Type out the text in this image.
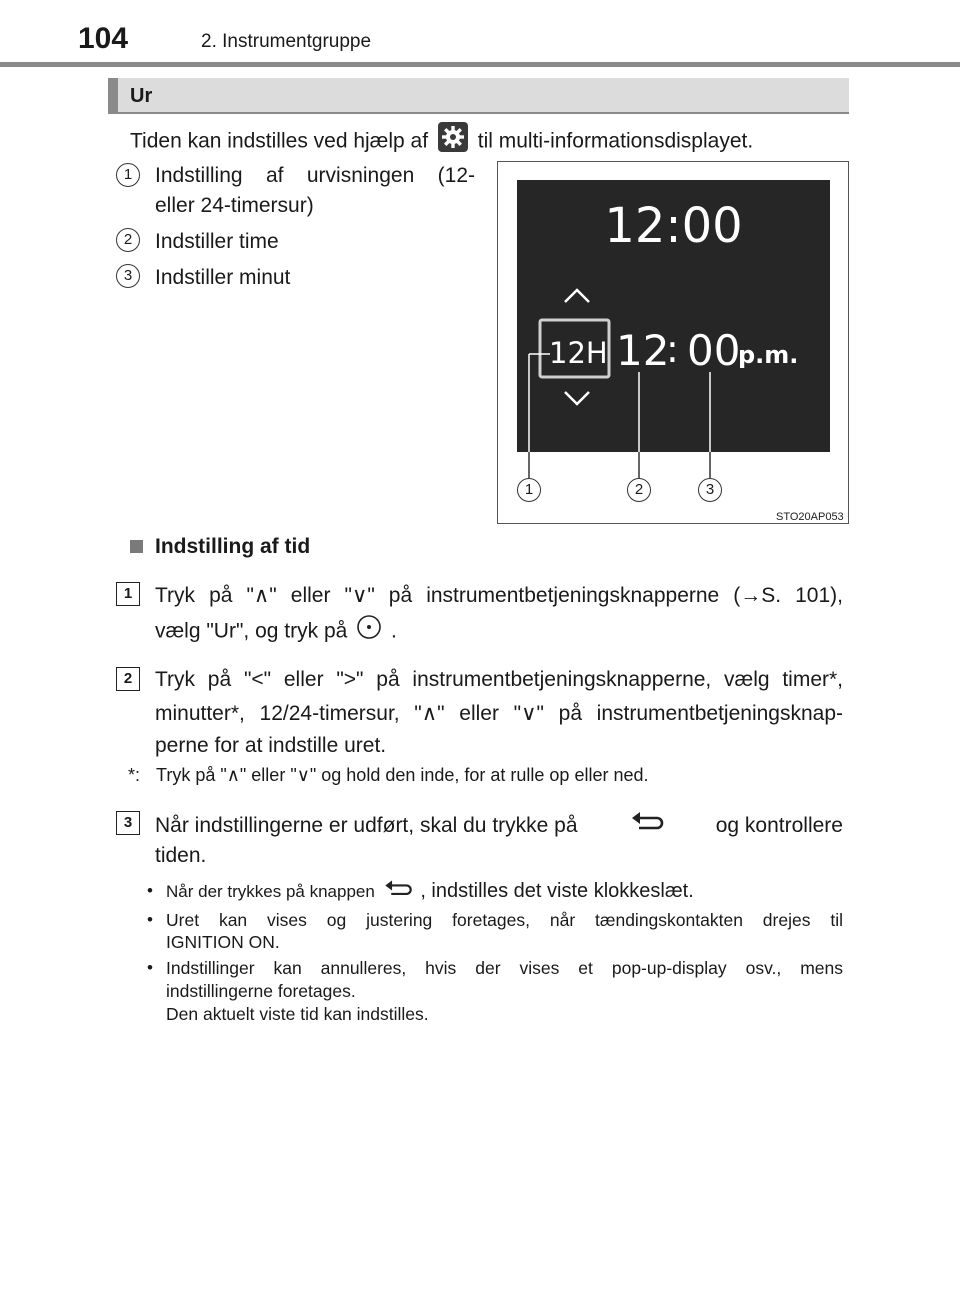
104	2. Instrumentgruppe
Ur
Tiden kan indstilles ved hjælp af til multi-informationsdisplayet.
1	Indstilling af urvisningen (12-
eller 24-timersur)
2	Indstiller time
3	Indstiller minut
12:00
12H 12
: 00
p.m.
1	2	3
STO20AP053
Indstilling af tid
1	Tryk på "∧" eller "∨" på instrumentbetjeningsknapperne (→S. 101),
vælg "Ur", og tryk på .
2	Tryk på "<" eller ">" på instrumentbetjeningsknapperne, vælg timer*,
minutter*, 12/24-timersur, "∧" eller "∨" på instrumentbetjeningsknap-
perne for at indstille uret.
*: Tryk på "∧" eller "∨" og hold den inde, for at rulle op eller ned.
3	Når indstillingerne er udført, skal du trykke på	og kontrollere
tiden.
• Når der trykkes på knappen , indstilles det viste klokkeslæt.
• Uret kan vises og justering foretages, når tændingskontakten drejes til
IGNITION ON.
• Indstillinger kan annulleres, hvis der vises et pop-up-display osv., mens
indstillingerne foretages.
Den aktuelt viste tid kan indstilles.
